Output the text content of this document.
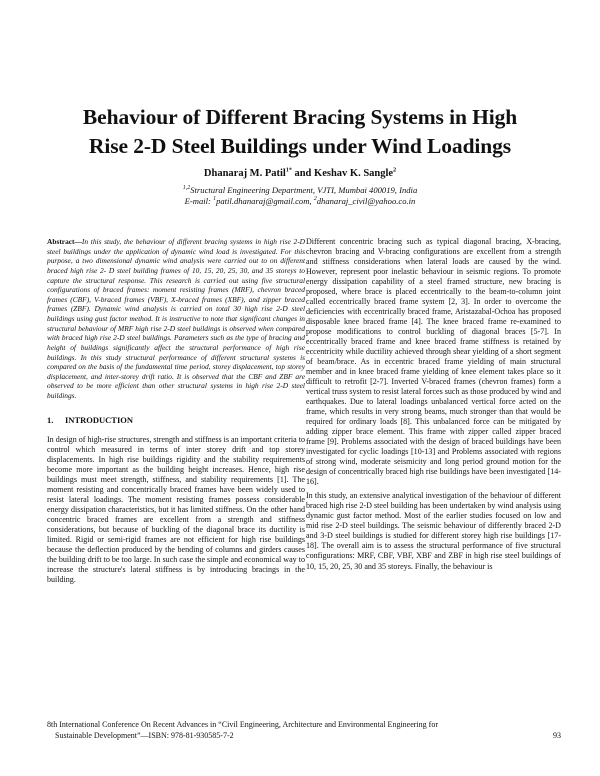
Behaviour of Different Bracing Systems in High
Rise 2-D Steel Buildings under Wind Loadings
Dhanaraj M. Patil$^{1*}$ and Keshav K. Sangle$^2$
$^{1,2}$Structural Engineering Department, VJTI, Mumbai 400019, India
E-mail: $^1$patil.dhanaraj@gmail.com, $^2$dhanaraj_civil@yahoo.co.in

Abstract—In this study, the behaviour of different bracing systems in high rise 2-D steel buildings under the application of dynamic wind load is investigated. For this purpose, a two dimensional dynamic wind analysis were carried out to on different braced high rise 2- D steel building frames of 10, 15, 20, 25, 30, and 35 storeys to capture the structural response. This research is carried out using five structural configurations of braced frames: moment resisting frames (MRF), chevron braced frames (CBF), V-braced frames (VBF), X-braced frames (XBF), and zipper braced frames (ZBF). Dynamic wind analysis is carried on total 30 high rise 2-D steel buildings using gust factor method. It is instructive to note that significant changes in structural behaviour of MRF high rise 2-D steel buildings is observed when compared with braced high rise 2-D steel buildings. Parameters such as the type of bracing and height of buildings significantly affect the structural performance of high rise buildings. In this study structural performance of different structural systems is compared on the basis of the fundamental time period, storey displacement, top storey displacement, and inter-storey drift ratio. It is observed that the CBF and ZBF are observed to be more efficient than other structural systems in high rise 2-D steel buildings.

1.	INTRODUCTION

In design of high-rise structures, strength and stiffness is an important criteria to control which measured in terms of inter storey drift and top storey displacements. In high rise buildings rigidity and the stability requirements become more important as the building height increases. Hence, high rise buildings must meet strength, stiffness, and stability requirements [1]. The moment resisting and concentrically braced frames have been widely used to resist lateral loadings. The moment resisting frames possess considerable energy dissipation characteristics, but it has limited stiffness. On the other hand concentric braced frames are excellent from a strength and stiffness considerations, but because of buckling of the diagonal brace its ductility is limited. Rigid or semi-rigid frames are not efficient for high rise buildings because the deflection produced by the bending of columns and girders causes the building drift to be too large. In such case the simple and economical way to increase the structure's lateral stiffness is by introducing bracings in the building.

Different concentric bracing such as typical diagonal bracing, X-bracing, chevron bracing and V-bracing configurations are excellent from a strength and stiffness considerations when lateral loads are caused by the wind. However, represent poor inelastic behaviour in seismic regions. To promote energy dissipation capability of a steel framed structure, new bracing is proposed, where brace is placed eccentrically to the beam-to-column joint called eccentrically braced frame system [2, 3]. In order to overcome the deficiencies with eccentrically braced frame, Aristazabal-Ochoa has proposed disposable knee braced frame [4]. The knee braced frame re-examined to propose modifications to control buckling of diagonal braces [5-7]. In eccentrically braced frame and knee braced frame stiffness is retained by eccentricity while ductility achieved through shear yielding of a short segment of beam/brace. As in eccentric braced frame yielding of main structural member and in knee braced frame yielding of knee element takes place so it difficult to retrofit [2-7]. Inverted V-braced frames (chevron frames) form a vertical truss system to resist lateral forces such as those produced by wind and earthquakes. Due to lateral loadings unbalanced vertical force acted on the frame, which results in very strong beams, much stronger than that would be required for ordinary loads [8]. This unbalanced force can be mitigated by adding zipper brace element. This frame with zipper called zipper braced frame [9]. Problems associated with the design of braced buildings have been investigated for cyclic loadings [10-13] and Problems associated with regions of strong wind, moderate seismicity and long period ground motion for the design of concentrically braced high rise buildings have been investigated [14-16].

In this study, an extensive analytical investigation of the behaviour of different braced high rise 2-D steel building has been undertaken by wind analysis using dynamic gust factor method. Most of the earlier studies focused on low and mid rise 2-D steel buildings. The seismic behaviour of differently braced 2-D and 3-D steel buildings is studied for different storey high rise buildings [17-18]. The overall aim is to assess the structural performance of five structural configurations: MRF, CBF, VBF, XBF and ZBF in high rise steel buildings of 10, 15, 20, 25, 30 and 35 storeys. Finally, the behaviour is

8th International Conference On Recent Advances in “Civil Engineering, Architecture and Environmental Engineering for
Sustainable Development”—ISBN: 978-81-930585-7-2	93
